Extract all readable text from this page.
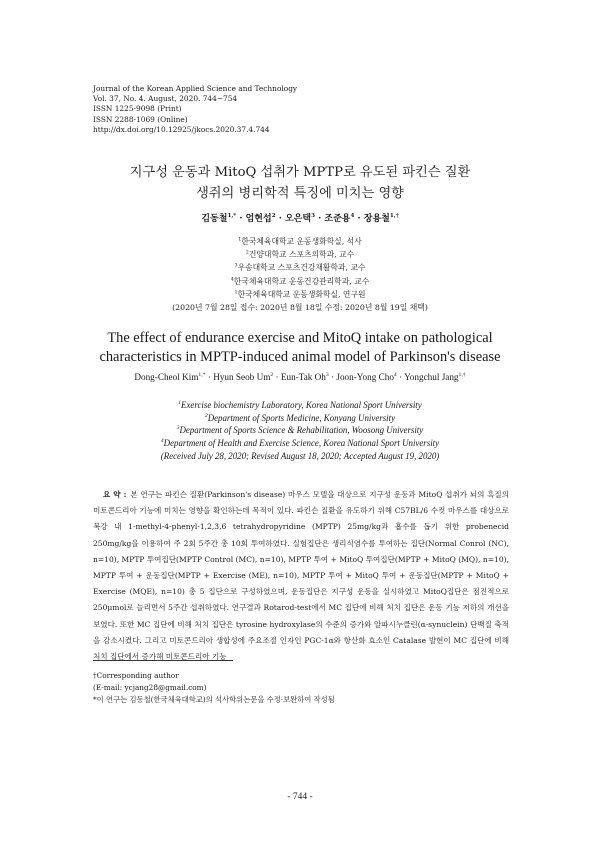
Journal of the Korean Applied Science and Technology
Vol. 37, No. 4. August, 2020. 744~754
ISSN 1225-9098 (Print)
ISSN 2288-1069 (Online)
http://dx.doi.org/10.12925/jkocs.2020.37.4.744
지구성 운동과 MitoQ 섭취가 MPTP로 유도된 파킨슨 질환
생쥐의 병리학적 특징에 미치는 영향
김동철$^{1,*}$ · 엄현섭$^2$ · 오은택$^3$ · 조준용$^4$ · 장용철$^{1,\dagger}$
$^1$한국체육대학교 운동생화학실, 석사
$^2$건양대학교 스포츠의학과, 교수
$^3$우송대학교 스포츠건강재활학과, 교수
$^4$한국체육대학교 운동건강관리학과, 교수
$^1$한국체육대학교 운동생화학실, 연구원
(2020년 7월 28일 접수: 2020년 8월 18일 수정: 2020년 8월 19일 채택)
The effect of endurance exercise and MitoQ intake on pathological
characteristics in MPTP-induced animal model of Parkinson's disease
Dong-Cheol Kim$^{1,*}$ · Hyun Seob $Um^2 \cdot Eun-Tak$ $Oh^3$ · Joon-Yong Cho$^4$ · Yongchul Jang$^{1,\dagger}$
$^1$Exercise biochemistry Laboratory, Korea National Sport University
$^2$Department of Sports Medicine, Konyang University
$^3$Department of Sports Science & Rehabilitation, Woosong University
$^4$Department of Health and Exercise Science, Korea National Sport University
(Received July 28, 2020; Revised August 18, 2020; Accepted August 19, 2020)
요 약 : 본 연구는 파킨슨 질환(Parkinson's disease) 마우스 모델을 대상으로 지구성 운동과 MitoQ 섭취가 뇌의 흑질의 미토콘드리아 기능에 미치는 영향을 확인하는데 목적이 있다. 파킨슨 질환을 유도하기 위해 C57BL/6 수컷 마우스를 대상으로 복강 내 1-methyl-4-phenyl-1,2,3,6 tetrahydropyridine (MPTP) 25mg/kg과 흡수를 돕기 위한 probenecid 250mg/kg을 이용하여 주 2회 5주간 총 10회 투여하였다. 실험집단은 생리식염수를 투여하는 집단(Normal Conrol (NC), n=10), MPTP 투여집단(MPTP Control (MC), n=10), MPTP 투여 + MitoQ 투여집단(MPTP + MitoQ (MQ), n=10), MPTP 투여 + 운동집단(MPTP + Exercise (ME), n=10), MPTP 투여 + MitoQ 투여 + 운동집단(MPTP + MitoQ + Exercise (MQE), n=10) 총 5 집단으로 구성하였으며, 운동집단은 지구성 운동을 실시하였고 MitoQ집단은 점진적으로 250μmol로 늘리면서 5주간 섭취하였다. 연구결과 Rotarod-test에서 MC 집단에 비해 처치 집단은 운동 기능 저하의 개선을 보였다. 또한 MC 집단에 비해 처치 집단은 tyrosine hydroxylase의 수준의 증가와 알파시누클린(α-synuclein) 단백질 축적을 감소시켰다. 그리고 미토콘드리아 생합성에 주요조절 인자인 PGC-1α와 항산화 효소인 Catalase 발현이 MC 집단에 비해 처치 집단에서 증가해 미토콘드리아 기능
†Corresponding author
(E-mail: ycjang28@gmail.com)
*이 연구는 김동철(한국체육대학교)의 석사학위논문을 수정·보완하여 작성됨
- 744 -
